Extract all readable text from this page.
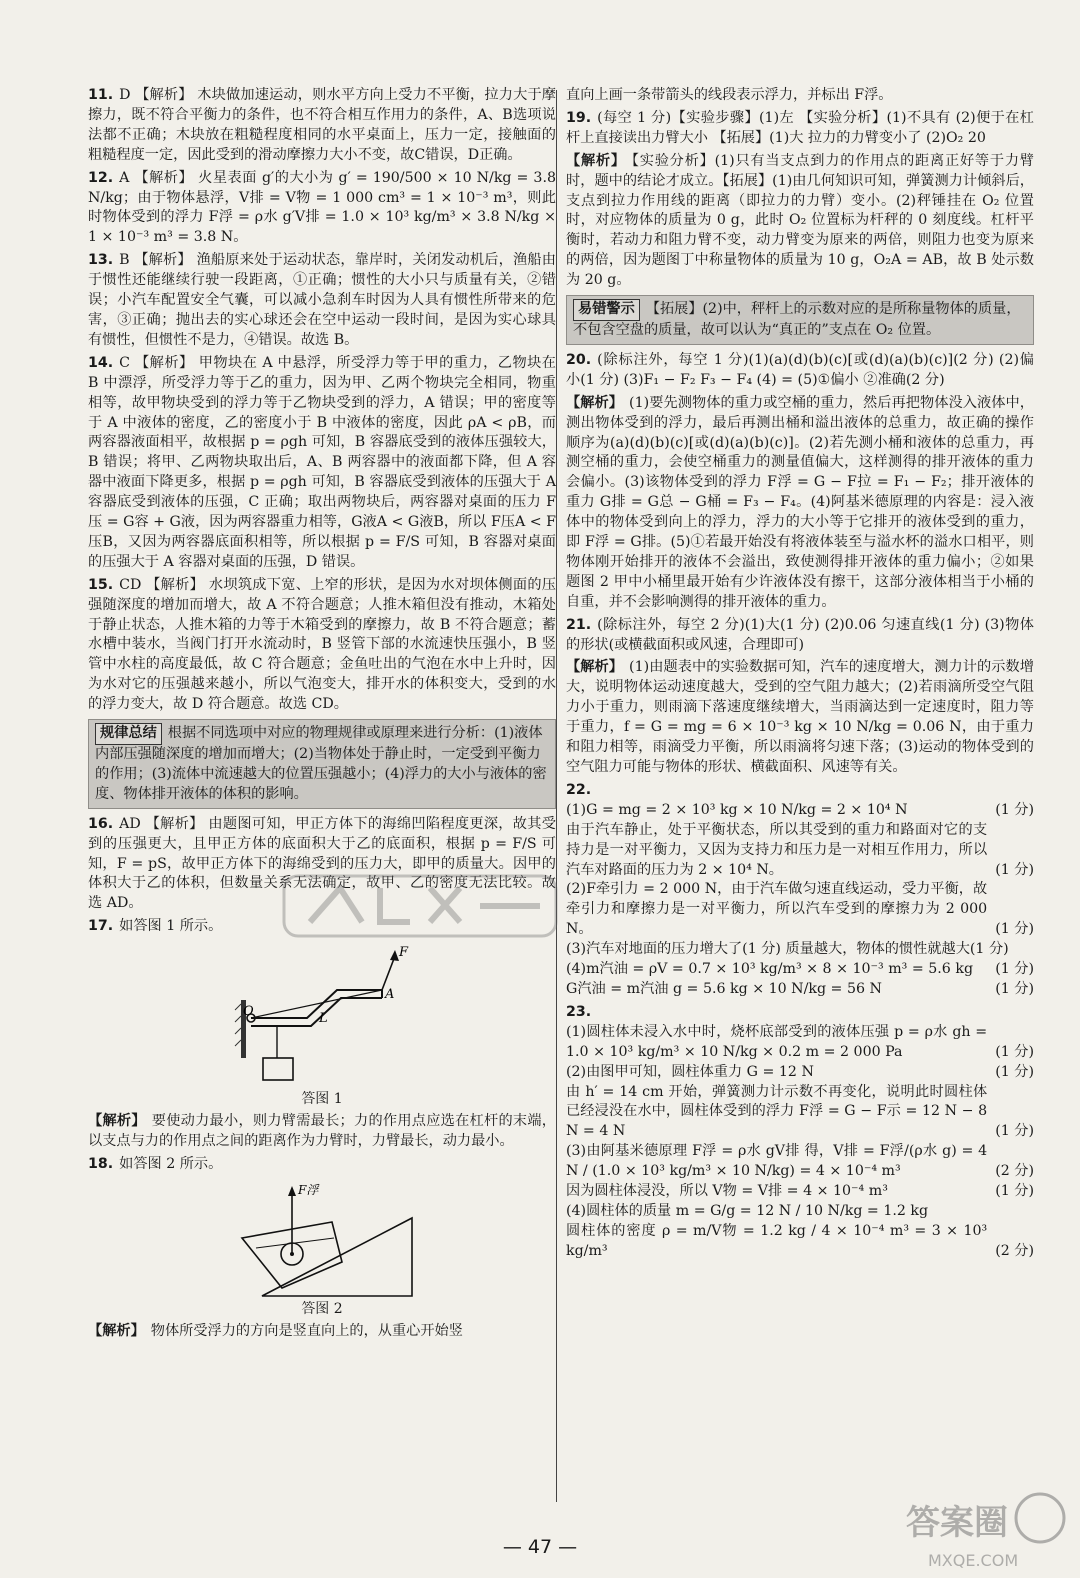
11. D 【解析】 木块做加速运动，则水平方向上受力不平衡，拉力大于摩擦力，既不符合平衡力的条件，也不符合相互作用力的条件，A、B选项说法都不正确；木块放在粗糙程度相同的水平桌面上，压力一定，接触面的粗糙程度一定，因此受到的滑动摩擦力大小不变，故C错误，D正确。
12. A 【解析】 火星表面 g′的大小为 g′ = 190/500 × 10 N/kg = 3.8 N/kg；由于物体悬浮，V排 = V物 = 1 000 cm³ = 1 × 10⁻³ m³，则此时物体受到的浮力 F浮 = ρ水 g′V排 = 1.0 × 10³ kg/m³ × 3.8 N/kg × 1 × 10⁻³ m³ = 3.8 N。
13. B 【解析】 渔船原来处于运动状态，靠岸时，关闭发动机后，渔船由于惯性还能继续行驶一段距离，①正确；惯性的大小只与质量有关，②错误；小汽车配置安全气囊，可以减小急刹车时因为人具有惯性所带来的危害，③正确；抛出去的实心球还会在空中运动一段时间，是因为实心球具有惯性，但惯性不是力，④错误。故选 B。
14. C 【解析】 甲物块在 A 中悬浮，所受浮力等于甲的重力，乙物块在 B 中漂浮，所受浮力等于乙的重力，因为甲、乙两个物块完全相同，物重相等，故甲物块受到的浮力等于乙物块受到的浮力，A 错误；甲的密度等于 A 中液体的密度，乙的密度小于 B 中液体的密度，因此 ρA < ρB，而两容器液面相平，故根据 p = ρgh 可知，B 容器底受到的液体压强较大，B 错误；将甲、乙两物块取出后，A、B 两容器中的液面都下降，但 A 容器中液面下降更多，根据 p = ρgh 可知，B 容器底受到液体的压强大于 A 容器底受到液体的压强，C 正确；取出两物块后，两容器对桌面的压力 F压 = G容 + G液，因为两容器重力相等，G液A < G液B，所以 F压A < F压B，又因为两容器底面积相等，所以根据 p = F/S 可知，B 容器对桌面的压强大于 A 容器对桌面的压强，D 错误。
15. CD 【解析】 水坝筑成下宽、上窄的形状，是因为水对坝体侧面的压强随深度的增加而增大，故 A 不符合题意；人推木箱但没有推动，木箱处于静止状态，人推木箱的力等于木箱受到的摩擦力，故 B 不符合题意；蓄水槽中装水，当阀门打开水流动时，B 竖管下部的水流速快压强小，B 竖管中水柱的高度最低，故 C 符合题意；金鱼吐出的气泡在水中上升时，因为水对它的压强越来越小，所以气泡变大，排开水的体积变大，受到的水的浮力变大，故 D 符合题意。故选 CD。
规律总结 根据不同选项中对应的物理规律或原理来进行分析：(1)液体内部压强随深度的增加而增大；(2)当物体处于静止时，一定受到平衡力的作用；(3)流体中流速越大的位置压强越小；(4)浮力的大小与液体的密度、物体排开液体的体积的影响。
16. AD 【解析】 由题图可知，甲正方体下的海绵凹陷程度更深，故其受到的压强更大，且甲正方体的底面积大于乙的底面积，根据 p = F/S 可知，F = pS，故甲正方体下的海绵受到的压力大，即甲的质量大。因甲的体积大于乙的体积，但数量关系无法确定，故甲、乙的密度无法比较。故选 AD。
17. 如答图 1 所示。
F
A
O	L
答图 1
【解析】 要使动力最小，则力臂需最长；力的作用点应选在杠杆的末端，以支点与力的作用点之间的距离作为力臂时，力臂最长，动力最小。
18. 如答图 2 所示。
F浮
答图 2
【解析】 物体所受浮力的方向是竖直向上的，从重心开始竖
直向上画一条带箭头的线段表示浮力，并标出 F浮。
19. (每空 1 分)【实验步骤】(1)左 【实验分析】(1)不具有 (2)便于在杠杆上直接读出力臂大小 【拓展】(1)大 拉力的力臂变小了 (2)O₂ 20
【解析】 【实验分析】(1)只有当支点到力的作用点的距离正好等于力臂时，题中的结论才成立。【拓展】(1)由几何知识可知，弹簧测力计倾斜后，支点到拉力作用线的距离（即拉力的力臂）变小。(2)秤锤挂在 O₂ 位置时，对应物体的质量为 0 g，此时 O₂ 位置标为杆秤的 0 刻度线。杠杆平衡时，若动力和阻力臂不变，动力臂变为原来的两倍，则阻力也变为原来的两倍，因为题图丁中称量物体的质量为 10 g，O₂A = AB，故 B 处示数为 20 g。
易错警示 【拓展】(2)中，秤杆上的示数对应的是所称量物体的质量，不包含空盘的质量，故可以认为“真正的”支点在 O₂ 位置。
20. (除标注外，每空 1 分)(1)(a)(d)(b)(c)[或(d)(a)(b)(c)](2 分) (2)偏小(1 分) (3)F₁ − F₂ F₃ − F₄ (4) = (5)①偏小 ②准确(2 分)
【解析】 (1)要先测物体的重力或空桶的重力，然后再把物体没入液体中，测出物体受到的浮力，最后再测出桶和溢出液体的总重力，故正确的操作顺序为(a)(d)(b)(c)[或(d)(a)(b)(c)]。(2)若先测小桶和液体的总重力，再测空桶的重力，会使空桶重力的测量值偏大，这样测得的排开液体的重力会偏小。(3)该物体受到的浮力 F浮 = G − F拉 = F₁ − F₂；排开液体的重力 G排 = G总 − G桶 = F₃ − F₄。(4)阿基米德原理的内容是：浸入液体中的物体受到向上的浮力，浮力的大小等于它排开的液体受到的重力，即 F浮 = G排。(5)①若最开始没有将液体装至与溢水杯的溢水口相平，则物体刚开始排开的液体不会溢出，致使测得排开液体的重力偏小；②如果题图 2 甲中小桶里最开始有少许液体没有擦干，这部分液体相当于小桶的自重，并不会影响测得的排开液体的重力。
21. (除标注外，每空 2 分)(1)大(1 分) (2)0.06 匀速直线(1 分) (3)物体的形状(或横截面积或风速，合理即可)
【解析】 (1)由题表中的实验数据可知，汽车的速度增大，测力计的示数增大，说明物体运动速度越大，受到的空气阻力越大；(2)若雨滴所受空气阻力小于重力，则雨滴下落速度继续增大，当雨滴达到一定速度时，阻力等于重力，f = G = mg = 6 × 10⁻³ kg × 10 N/kg = 0.06 N，由于重力和阻力相等，雨滴受力平衡，所以雨滴将匀速下落；(3)运动的物体受到的空气阻力可能与物体的形状、横截面积、风速等有关。
22.
(1)G = mg = 2 × 10³ kg × 10 N/kg = 2 × 10⁴ N	(1 分)
由于汽车静止，处于平衡状态，所以其受到的重力和路面对它的支持力是一对平衡力，又因为支持力和压力是一对相互作用力，所以汽车对路面的压力为 2 × 10⁴ N。	(1 分)
(2)F牵引力 = 2 000 N，由于汽车做匀速直线运动，受力平衡，故牵引力和摩擦力是一对平衡力，所以汽车受到的摩擦力为 2 000 N。	(1 分)
(3)汽车对地面的压力增大了(1 分) 质量越大，物体的惯性就越大(1 分)
(4)m汽油 = ρV = 0.7 × 10³ kg/m³ × 8 × 10⁻³ m³ = 5.6 kg (1 分)
G汽油 = m汽油 g = 5.6 kg × 10 N/kg = 56 N	(1 分)
23.
(1)圆柱体未浸入水中时，烧杯底部受到的液体压强 p = ρ水 gh = 1.0 × 10³ kg/m³ × 10 N/kg × 0.2 m = 2 000 Pa	(1 分)
(2)由图甲可知，圆柱体重力 G = 12 N	(1 分)
由 h′ = 14 cm 开始，弹簧测力计示数不再变化，说明此时圆柱体已经浸没在水中，圆柱体受到的浮力 F浮 = G − F示 = 12 N − 8 N = 4 N	(1 分)
(3)由阿基米德原理 F浮 = ρ水 gV排 得，V排 = F浮/(ρ水 g) = 4 N / (1.0 × 10³ kg/m³ × 10 N/kg) = 4 × 10⁻⁴ m³	(2 分)
因为圆柱体浸没，所以 V物 = V排 = 4 × 10⁻⁴ m³	(1 分)
(4)圆柱体的质量 m = G/g = 12 N / 10 N/kg = 1.2 kg
圆柱体的密度 ρ = m/V物 = 1.2 kg / 4 × 10⁻⁴ m³ = 3 × 10³ kg/m³	(2 分)
— 47 —
答案圈
MXQE.COM
